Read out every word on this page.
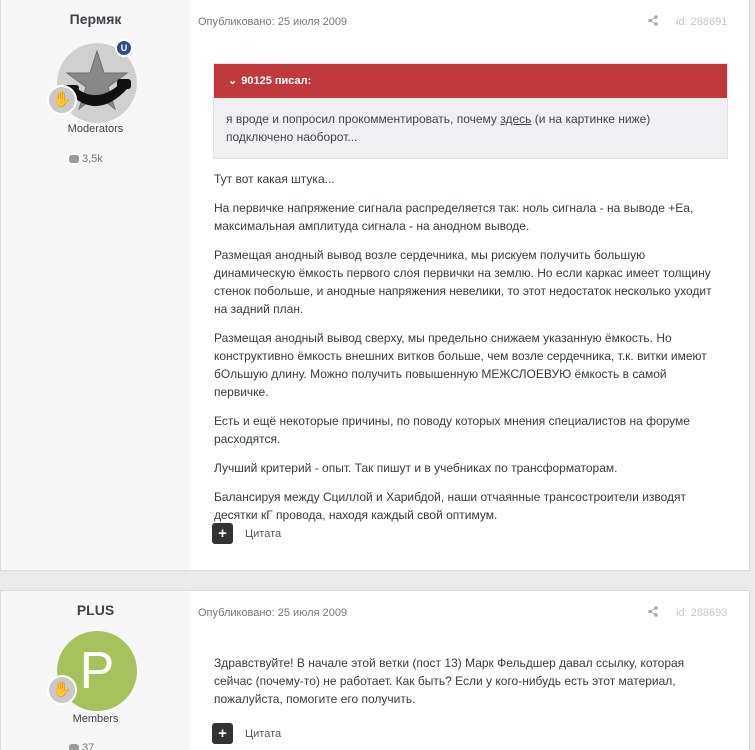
Пермяк
U
✋
Moderators
3,5k
Опубликовано: 25 июля 2009	id: 288691
⌄ 90125 писал:
я вроде и попросил прокомментировать, почему здесь (и на картинке ниже) подключено наоборот...

Тут вот какая штука...

На первичке напряжение сигнала распределяется так: ноль сигнала - на выводе +Еа, максимальная амплитуда сигнала - на анодном выводе.

Размещая анодный вывод возле сердечника, мы рискуем получить большую динамическую ёмкость первого слоя первички на землю. Но если каркас имеет толщину стенок побольше, и анодные напряжения невелики, то этот недостаток несколько уходит на задний план.

Размещая анодный вывод сверху, мы предельно снижаем указанную ёмкость. Но конструктивно ёмкость внешних витков больше, чем возле сердечника, т.к. витки имеют бОльшую длину. Можно получить повышенную МЕЖСЛОЕВУЮ ёмкость в самой первичке.

Есть и ещё некоторые причины, по поводу которых мнения специалистов на форуме расходятся.

Лучший критерий - опыт. Так пишут и в учебниках по трансформаторам.

Балансируя между Сциллой и Харибдой, наши отчаянные трансостроители изводят десятки кГ провода, находя каждый свой оптимум.

+ Цитата
PLUS
P
✋
Members
37
Опубликовано: 25 июля 2009	id: 288693

Здравствуйте! В начале этой ветки (пост 13) Марк Фельдшер давал ссылку, которая сейчас (почему-то) не работает. Как быть? Если у кого-нибудь есть этот материал, пожалуйста, помогите его получить.

+ Цитата
